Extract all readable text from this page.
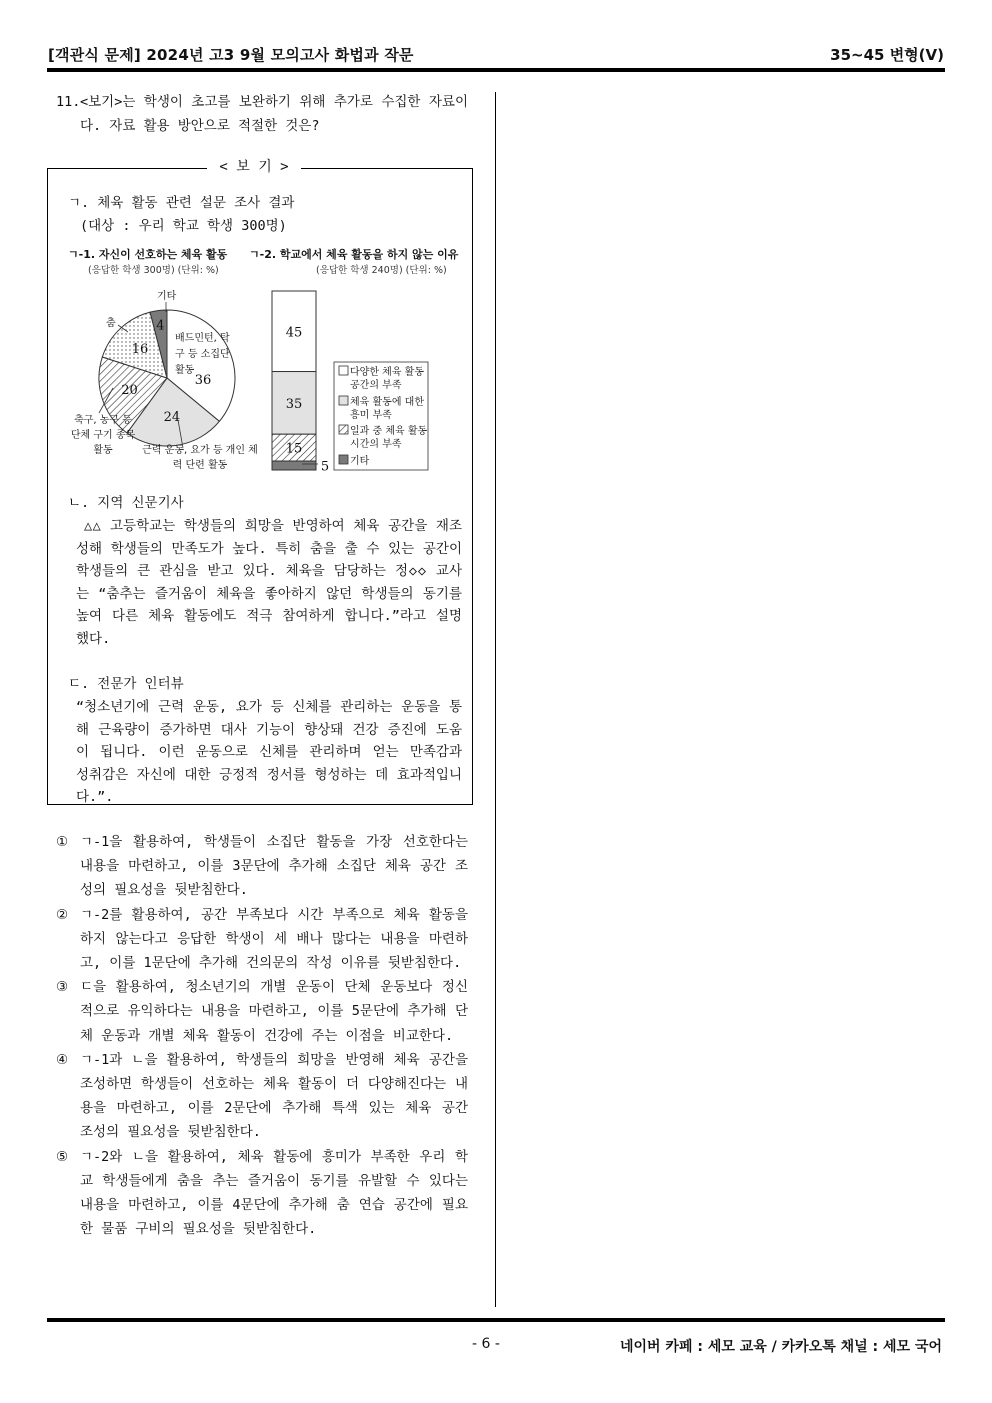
[객관식 문제] 2024년 고3 9월 모의고사 화법과 작문	35~45 변형(V)
11. <보기>는 학생이 초고를 보완하기 위해 추가로 수집한 자료이다. 자료 활용 방안으로 적절한 것은?
< 보 기 >
ㄱ. 체육 활동 관련 설문 조사 결과
(대상 : 우리 학교 학생 300명)
ㄱ-1. 자신이 선호하는 체육 활동
(응답한 학생 300명) (단위: %)
ㄱ-2. 학교에서 체육 활동을 하지 않는 이유
(응답한 학생 240명) (단위: %)
36
24
20
16
4	45
35
15
5
기타
춤
배드민턴, 탁구 등 소집단 활동
축구, 농구 등 단체 구기 종목 활동	근력 운동, 요가 등 개인 체력 단련 활동
다양한 체육 활동 공간의 부족
체육 활동에 대한 흥미 부족
일과 중 체육 활동 시간의 부족
기타
ㄴ. 지역 신문기사
△△ 고등학교는 학생들의 희망을 반영하여 체육 공간을 재조성해 학생들의 만족도가 높다. 특히 춤을 출 수 있는 공간이 학생들의 큰 관심을 받고 있다. 체육을 담당하는 정◇◇ 교사는 “춤추는 즐거움이 체육을 좋아하지 않던 학생들의 동기를 높여 다른 체육 활동에도 적극 참여하게 합니다.”라고 설명했다.
ㄷ. 전문가 인터뷰
“청소년기에 근력 운동, 요가 등 신체를 관리하는 운동을 통해 근육량이 증가하면 대사 기능이 향상돼 건강 증진에 도움이 됩니다. 이런 운동으로 신체를 관리하며 얻는 만족감과 성취감은 자신에 대한 긍정적 정서를 형성하는 데 효과적입니다.”.
① ㄱ-1을 활용하여, 학생들이 소집단 활동을 가장 선호한다는 내용을 마련하고, 이를 3문단에 추가해 소집단 체육 공간 조성의 필요성을 뒷받침한다.
② ㄱ-2를 활용하여, 공간 부족보다 시간 부족으로 체육 활동을 하지 않는다고 응답한 학생이 세 배나 많다는 내용을 마련하고, 이를 1문단에 추가해 건의문의 작성 이유를 뒷받침한다.
③ ㄷ을 활용하여, 청소년기의 개별 운동이 단체 운동보다 정신적으로 유익하다는 내용을 마련하고, 이를 5문단에 추가해 단체 운동과 개별 체육 활동이 건강에 주는 이점을 비교한다.
④ ㄱ-1과 ㄴ을 활용하여, 학생들의 희망을 반영해 체육 공간을 조성하면 학생들이 선호하는 체육 활동이 더 다양해진다는 내용을 마련하고, 이를 2문단에 추가해 특색 있는 체육 공간 조성의 필요성을 뒷받침한다.
⑤ ㄱ-2와 ㄴ을 활용하여, 체육 활동에 흥미가 부족한 우리 학교 학생들에게 춤을 추는 즐거움이 동기를 유발할 수 있다는 내용을 마련하고, 이를 4문단에 추가해 춤 연습 공간에 필요한 물품 구비의 필요성을 뒷받침한다.
- 6 -	네이버 카페 : 세모 교육 / 카카오톡 채널 : 세모 국어
